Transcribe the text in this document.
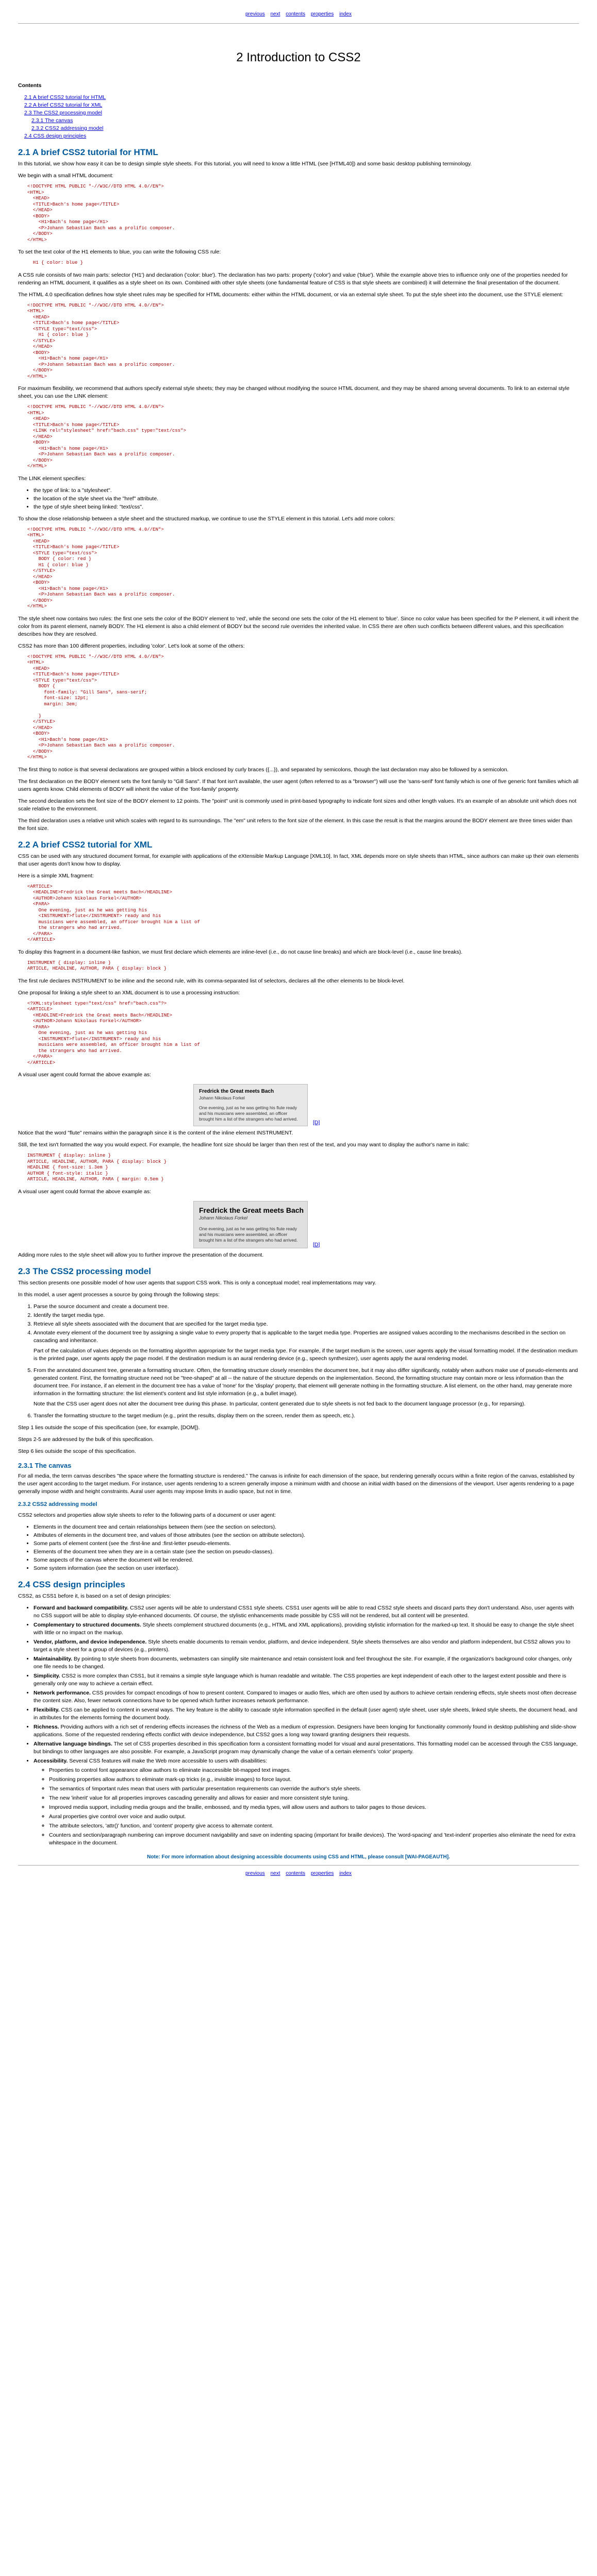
previous next contents properties index
2 Introduction to CSS2

Contents

2.1 A brief CSS2 tutorial for HTML
2.2 A brief CSS2 tutorial for XML
2.3 The CSS2 processing model
2.3.1 The canvas
2.3.2 CSS2 addressing model
2.4 CSS design principles
2.1 A brief CSS2 tutorial for HTML

In this tutorial, we show how easy it can be to design simple style sheets. For this tutorial, you will need to know a little HTML (see [HTML40]) and some basic desktop publishing terminology.

We begin with a small HTML document:

<!DOCTYPE HTML PUBLIC "-//W3C//DTD HTML 4.0//EN">
<HTML>
<HEAD>
<TITLE>Bach's home page</TITLE>
</HEAD>
<BODY>
<H1>Bach's home page</H1>
<P>Johann Sebastian Bach was a prolific composer.
</BODY>
</HTML>

To set the text color of the H1 elements to blue, you can write the following CSS rule:

H1 { color: blue }

A CSS rule consists of two main parts: selector ('H1') and declaration ('color: blue'). The declaration has two parts: property ('color') and value ('blue'). While the example above tries to influence only one of the properties needed for rendering an HTML document, it qualifies as a style sheet on its own. Combined with other style sheets (one fundamental feature of CSS is that style sheets are combined) it will determine the final presentation of the document.

The HTML 4.0 specification defines how style sheet rules may be specified for HTML documents: either within the HTML document, or via an external style sheet. To put the style sheet into the document, use the STYLE element:

<!DOCTYPE HTML PUBLIC "-//W3C//DTD HTML 4.0//EN">
<HTML>
<HEAD>
<TITLE>Bach's home page</TITLE>
<STYLE type="text/css">
H1 { color: blue }
</STYLE>
</HEAD>
<BODY>
<H1>Bach's home page</H1>
<P>Johann Sebastian Bach was a prolific composer.
</BODY>
</HTML>

For maximum flexibility, we recommend that authors specify external style sheets; they may be changed without modifying the source HTML document, and they may be shared among several documents. To link to an external style sheet, you can use the LINK element:

<!DOCTYPE HTML PUBLIC "-//W3C//DTD HTML 4.0//EN">
<HTML>
<HEAD>
<TITLE>Bach's home page</TITLE>
<LINK rel="stylesheet" href="bach.css" type="text/css">
</HEAD>
<BODY>
<H1>Bach's home page</H1>
<P>Johann Sebastian Bach was a prolific composer.
</BODY>
</HTML>

The LINK element specifies:

• the type of link: to a "stylesheet".
• the location of the style sheet via the "href" attribute.
• the type of style sheet being linked: "text/css".

To show the close relationship between a style sheet and the structured markup, we continue to use the STYLE element in this tutorial. Let's add more colors:

<!DOCTYPE HTML PUBLIC "-//W3C//DTD HTML 4.0//EN">
<HTML>
<HEAD>
<TITLE>Bach's home page</TITLE>
<STYLE type="text/css">
BODY { color: red }
H1 { color: blue }
</STYLE>
</HEAD>
<BODY>
<H1>Bach's home page</H1>
<P>Johann Sebastian Bach was a prolific composer.
</BODY>
</HTML>

The style sheet now contains two rules: the first one sets the color of the BODY element to 'red', while the second one sets the color of the H1 element to 'blue'. Since no color value has been specified for the P element, it will inherit the color from its parent element, namely BODY. The H1 element is also a child element of BODY but the second rule overrides the inherited value. In CSS there are often such conflicts between different values, and this specification describes how they are resolved.

CSS2 has more than 100 different properties, including 'color'. Let's look at some of the others:

<!DOCTYPE HTML PUBLIC "-//W3C//DTD HTML 4.0//EN">
<HTML>
<HEAD>
<TITLE>Bach's home page</TITLE>
<STYLE type="text/css">
BODY {
font-family: "Gill Sans", sans-serif;
font-size: 12pt;
margin: 3em;

}
</STYLE>
</HEAD>
<BODY>
<H1>Bach's home page</H1>
<P>Johann Sebastian Bach was a prolific composer.
</BODY>
</HTML>

The first thing to notice is that several declarations are grouped within a block enclosed by curly braces ({...}), and separated by semicolons, though the last declaration may also be followed by a semicolon.

The first declaration on the BODY element sets the font family to "Gill Sans". If that font isn't available, the user agent (often referred to as a "browser") will use the 'sans-serif' font family which is one of five generic font families which all users agents know. Child elements of BODY will inherit the value of the 'font-family' property.

The second declaration sets the font size of the BODY element to 12 points. The "point" unit is commonly used in print-based typography to indicate font sizes and other length values. It's an example of an absolute unit which does not scale relative to the environment.

The third declaration uses a relative unit which scales with regard to its surroundings. The "em" unit refers to the font size of the element. In this case the result is that the margins around the BODY element are three times wider than the font size.

2.2 A brief CSS2 tutorial for XML

CSS can be used with any structured document format, for example with applications of the eXtensible Markup Language [XML10]. In fact, XML depends more on style sheets than HTML, since authors can make up their own elements that user agents don't know how to display.

Here is a simple XML fragment:

<ARTICLE>
<HEADLINE>Fredrick the Great meets Bach</HEADLINE>
<AUTHOR>Johann Nikolaus Forkel</AUTHOR>
<PARA>
One evening, just as he was getting his
<INSTRUMENT>flute</INSTRUMENT> ready and his
musicians were assembled, an officer brought him a list of
the strangers who had arrived.
</PARA>
</ARTICLE>

To display this fragment in a document-like fashion, we must first declare which elements are inline-level (i.e., do not cause line breaks) and which are block-level (i.e., cause line breaks).

INSTRUMENT { display: inline }
ARTICLE, HEADLINE, AUTHOR, PARA { display: block }

The first rule declares INSTRUMENT to be inline and the second rule, with its comma-separated list of selectors, declares all the other elements to be block-level.

One proposal for linking a style sheet to an XML document is to use a processing instruction:

<?XML:stylesheet type="text/css" href="bach.css"?>
<ARTICLE>
<HEADLINE>Fredrick the Great meets Bach</HEADLINE>
<AUTHOR>Johann Nikolaus Forkel</AUTHOR>
<PARA>
One evening, just as he was getting his
<INSTRUMENT>flute</INSTRUMENT> ready and his
musicians were assembled, an officer brought him a list of
the strangers who had arrived.
</PARA>
</ARTICLE>

A visual user agent could format the above example as:

Fredrick the Great meets Bach
Johann Nikolaus Forkel
One evening, just as he was getting his flute ready and his musicians were assembled, an officer brought him a list of the strangers who had arrived.
[D]

Notice that the word "flute" remains within the paragraph since it is the content of the inline element INSTRUMENT.

Still, the text isn't formatted the way you would expect. For example, the headline font size should be larger than then rest of the text, and you may want to display the author's name in italic:

INSTRUMENT { display: inline }
ARTICLE, HEADLINE, AUTHOR, PARA { display: block }
HEADLINE { font-size: 1.3em }
AUTHOR { font-style: italic }
ARTICLE, HEADLINE, AUTHOR, PARA { margin: 0.5em }

A visual user agent could format the above example as:

Fredrick the Great meets Bach
Johann Nikolaus Forkel
One evening, just as he was getting his flute ready and his musicians were assembled, an officer brought him a list of the strangers who had arrived.
[D]

Adding more rules to the style sheet will allow you to further improve the presentation of the document.

2.3 The CSS2 processing model

This section presents one possible model of how user agents that support CSS work. This is only a conceptual model; real implementations may vary.

In this model, a user agent processes a source by going through the following steps:

1. Parse the source document and create a document tree.
2. Identify the target media type.
3. Retrieve all style sheets associated with the document that are specified for the target media type.
4. Annotate every element of the document tree by assigning a single value to every property that is applicable to the target media type. Properties are assigned values according to the mechanisms described in the section on cascading and inheritance.

Part of the calculation of values depends on the formatting algorithm appropriate for the target media type. For example, if the target medium is the screen, user agents apply the visual formatting model. If the destination medium is the printed page, user agents apply the page model. If the destination medium is an aural rendering device (e.g., speech synthesizer), user agents apply the aural rendering model.

5. From the annotated document tree, generate a formatting structure. Often, the formatting structure closely resembles the document tree, but it may also differ significantly, notably when authors make use of pseudo-elements and generated content. First, the formatting structure need not be "tree-shaped" at all -- the nature of the structure depends on the implementation. Second, the formatting structure may contain more or less information than the document tree. For instance, if an element in the document tree has a value of 'none' for the 'display' property, that element will generate nothing in the formatting structure. A list element, on the other hand, may generate more information in the formatting structure: the list element's content and list style information (e.g., a bullet image).

Note that the CSS user agent does not alter the document tree during this phase. In particular, content generated due to style sheets is not fed back to the document language processor (e.g., for reparsing).

6. Transfer the formatting structure to the target medium (e.g., print the results, display them on the screen, render them as speech, etc.).

Step 1 lies outside the scope of this specification (see, for example, [DOM]).

Steps 2-5 are addressed by the bulk of this specification.

Step 6 lies outside the scope of this specification.

2.3.1 The canvas

For all media, the term canvas describes "the space where the formatting structure is rendered." The canvas is infinite for each dimension of the space, but rendering generally occurs within a finite region of the canvas, established by the user agent according to the target medium. For instance, user agents rendering to a screen generally impose a minimum width and choose an initial width based on the dimensions of the viewport. User agents rendering to a page generally impose width and height constraints. Aural user agents may impose limits in audio space, but not in time.

2.3.2 CSS2 addressing model

CSS2 selectors and properties allow style sheets to refer to the following parts of a document or user agent:

• Elements in the document tree and certain relationships between them (see the section on selectors).
• Attributes of elements in the document tree, and values of those attributes (see the section on attribute selectors).
• Some parts of element content (see the :first-line and :first-letter pseudo-elements.
• Elements of the document tree when they are in a certain state (see the section on pseudo-classes).
• Some aspects of the canvas where the document will be rendered.
• Some system information (see the section on user interface).
2.4 CSS design principles

CSS2, as CSS1 before it, is based on a set of design principles:

• Forward and backward compatibility. CSS2 user agents will be able to understand CSS1 style sheets. CSS1 user agents will be able to read CSS2 style sheets and discard parts they don't understand. Also, user agents with no CSS support will be able to display style-enhanced documents. Of course, the stylistic enhancements made possible by CSS will not be rendered, but all content will be presented.
• Complementary to structured documents. Style sheets complement structured documents (e.g., HTML and XML applications), providing stylistic information for the marked-up text. It should be easy to change the style sheet with little or no impact on the markup.
• Vendor, platform, and device independence. Style sheets enable documents to remain vendor, platform, and device independent. Style sheets themselves are also vendor and platform independent, but CSS2 allows you to target a style sheet for a group of devices (e.g., printers).
• Maintainability. By pointing to style sheets from documents, webmasters can simplify site maintenance and retain consistent look and feel throughout the site. For example, if the organization's background color changes, only one file needs to be changed.
• Simplicity. CSS2 is more complex than CSS1, but it remains a simple style language which is human readable and writable. The CSS properties are kept independent of each other to the largest extent possible and there is generally only one way to achieve a certain effect.
• Network performance. CSS provides for compact encodings of how to present content. Compared to images or audio files, which are often used by authors to achieve certain rendering effects, style sheets most often decrease the content size. Also, fewer network connections have to be opened which further increases network performance.
• Flexibility. CSS can be applied to content in several ways. The key feature is the ability to cascade style information specified in the default (user agent) style sheet, user style sheets, linked style sheets, the document head, and in attributes for the elements forming the document body.
• Richness. Providing authors with a rich set of rendering effects increases the richness of the Web as a medium of expression. Designers have been longing for functionality commonly found in desktop publishing and slide-show applications. Some of the requested rendering effects conflict with device independence, but CSS2 goes a long way toward granting designers their requests.
• Alternative language bindings. The set of CSS properties described in this specification form a consistent formatting model for visual and aural presentations. This formatting model can be accessed through the CSS language, but bindings to other languages are also possible. For example, a JavaScript program may dynamically change the value of a certain element's 'color' property.
• Accessibility. Several CSS features will make the Web more accessible to users with disabilities:
◦ Properties to control font appearance allow authors to eliminate inaccessible bit-mapped text images.
◦ Positioning properties allow authors to eliminate mark-up tricks (e.g., invisible images) to force layout.
◦ The semantics of !important rules mean that users with particular presentation requirements can override the author's style sheets.
◦ The new 'inherit' value for all properties improves cascading generality and allows for easier and more consistent style tuning.
◦ Improved media support, including media groups and the braille, embossed, and tty media types, will allow users and authors to tailor pages to those devices.
◦ Aural properties give control over voice and audio output.
◦ The attribute selectors, 'attr()' function, and 'content' property give access to alternate content.
◦ Counters and section/paragraph numbering can improve document navigability and save on indenting spacing (important for braille devices). The 'word-spacing' and 'text-indent' properties also eliminate the need for extra whitespace in the document.

Note: For more information about designing accessible documents using CSS and HTML, please consult [WAI-PAGEAUTH].

previous next contents properties index
